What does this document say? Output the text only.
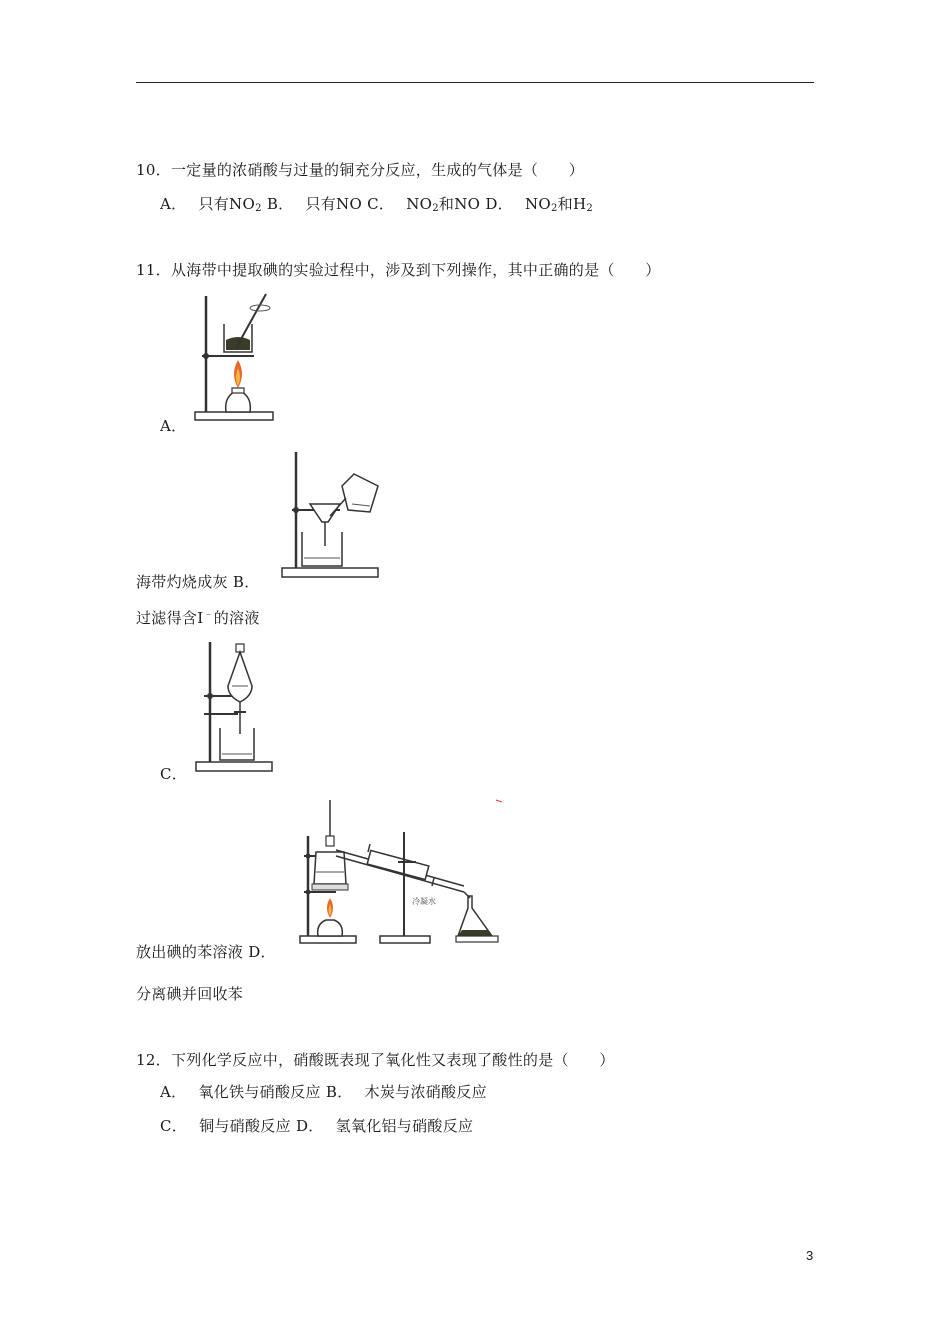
10．一定量的浓硝酸与过量的铜充分反应，生成的气体是（　　）
A． 只有$NO_2$ B． 只有NO C． $NO_2$和NO D． $NO_2$和$H_2$
11．从海带中提取碘的实验过程中，涉及到下列操作，其中正确的是（　　）
A．
海带灼烧成灰 B．
过滤得含I﹣的溶液
C．
冷凝水
放出碘的苯溶液 D．
分离碘并回收苯
12．下列化学反应中，硝酸既表现了氧化性又表现了酸性的是（　　）
A． 氧化铁与硝酸反应 B． 木炭与浓硝酸反应
C． 铜与硝酸反应 D． 氢氧化铝与硝酸反应
3
